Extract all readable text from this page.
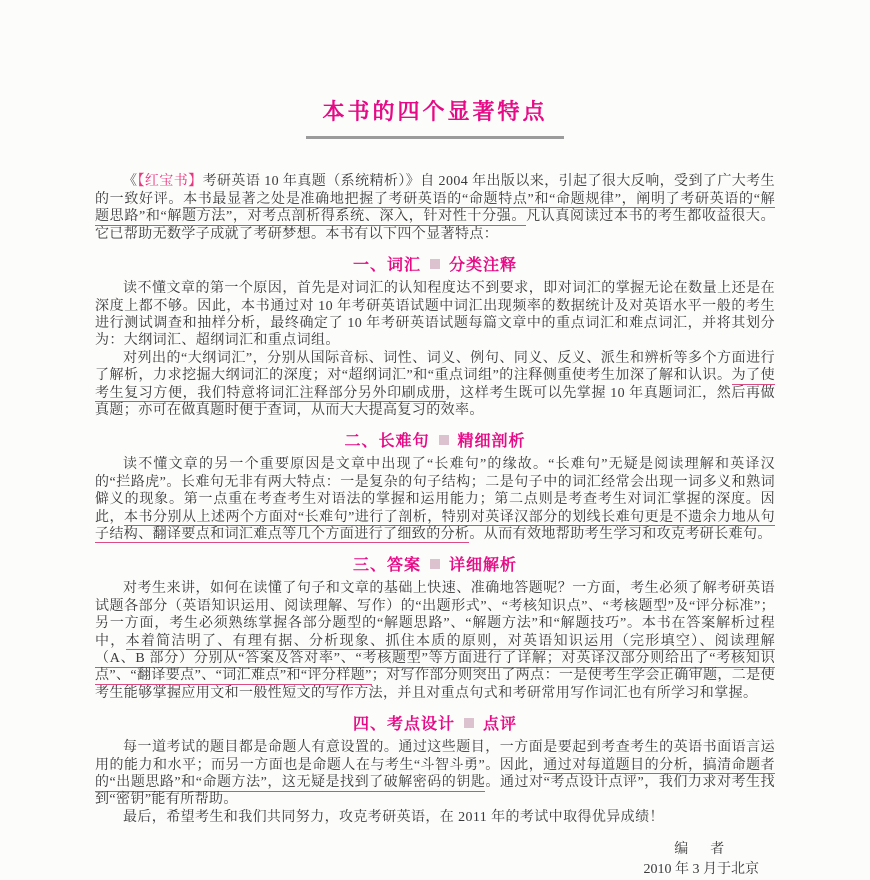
本书的四个显著特点

《【红宝书】考研英语 10 年真题（系统精析）》自 2004 年出版以来，引起了很大反响，受到了广大考生的一致好评。本书最显著之处是准确地把握了考研英语的“命题特点”和“命题规律”，阐明了考研英语的“解题思路”和“解题方法”，对考点剖析得系统、深入，针对性十分强。凡认真阅读过本书的考生都收益很大。它已帮助无数学子成就了考研梦想。本书有以下四个显著特点：

一、词汇 分类注释

读不懂文章的第一个原因，首先是对词汇的认知程度达不到要求，即对词汇的掌握无论在数量上还是在深度上都不够。因此，本书通过对 10 年考研英语试题中词汇出现频率的数据统计及对英语水平一般的考生进行测试调查和抽样分析，最终确定了 10 年考研英语试题每篇文章中的重点词汇和难点词汇，并将其划分为：大纲词汇、超纲词汇和重点词组。

对列出的“大纲词汇”，分别从国际音标、词性、词义、例句、同义、反义、派生和辨析等多个方面进行了解析，力求挖掘大纲词汇的深度；对“超纲词汇”和“重点词组”的注释侧重使考生加深了解和认识。为了使考生复习方便，我们特意将词汇注释部分另外印刷成册，这样考生既可以先掌握 10 年真题词汇，然后再做真题；亦可在做真题时便于查词，从而大大提高复习的效率。

二、长难句 精细剖析

读不懂文章的另一个重要原因是文章中出现了“长难句”的缘故。“长难句”无疑是阅读理解和英译汉的“拦路虎”。长难句无非有两大特点：一是复杂的句子结构；二是句子中的词汇经常会出现一词多义和熟词僻义的现象。第一点重在考查考生对语法的掌握和运用能力；第二点则是考查考生对词汇掌握的深度。因此，本书分别从上述两个方面对“长难句”进行了剖析，特别对英译汉部分的划线长难句更是不遗余力地从句子结构、翻译要点和词汇难点等几个方面进行了细致的分析。从而有效地帮助考生学习和攻克考研长难句。

三、答案 详细解析

对考生来讲，如何在读懂了句子和文章的基础上快速、准确地答题呢？一方面，考生必须了解考研英语试题各部分（英语知识运用、阅读理解、写作）的“出题形式”、“考核知识点”、“考核题型”及“评分标准”；另一方面，考生必须熟练掌握各部分题型的“解题思路”、“解题方法”和“解题技巧”。本书在答案解析过程中，本着简洁明了、有理有据、分析现象、抓住本质的原则，对英语知识运用（完形填空）、阅读理解（A、B 部分）分别从“答案及答对率”、“考核题型”等方面进行了详解；对英译汉部分则给出了“考核知识点”、“翻译要点”、“词汇难点”和“评分样题”；对写作部分则突出了两点：一是使考生学会正确审题，二是使考生能够掌握应用文和一般性短文的写作方法，并且对重点句式和考研常用写作词汇也有所学习和掌握。

四、考点设计 点评

每一道考试的题目都是命题人有意设置的。通过这些题目，一方面是要起到考查考生的英语书面语言运用的能力和水平；而另一方面也是命题人在与考生“斗智斗勇”。因此，通过对每道题目的分析，搞清命题者的“出题思路”和“命题方法”，这无疑是找到了破解密码的钥匙。通过对“考点设计点评”，我们力求对考生找到“密钥”能有所帮助。

最后，希望考生和我们共同努力，攻克考研英语，在 2011 年的考试中取得优异成绩！

编　者
2010 年 3 月于北京
